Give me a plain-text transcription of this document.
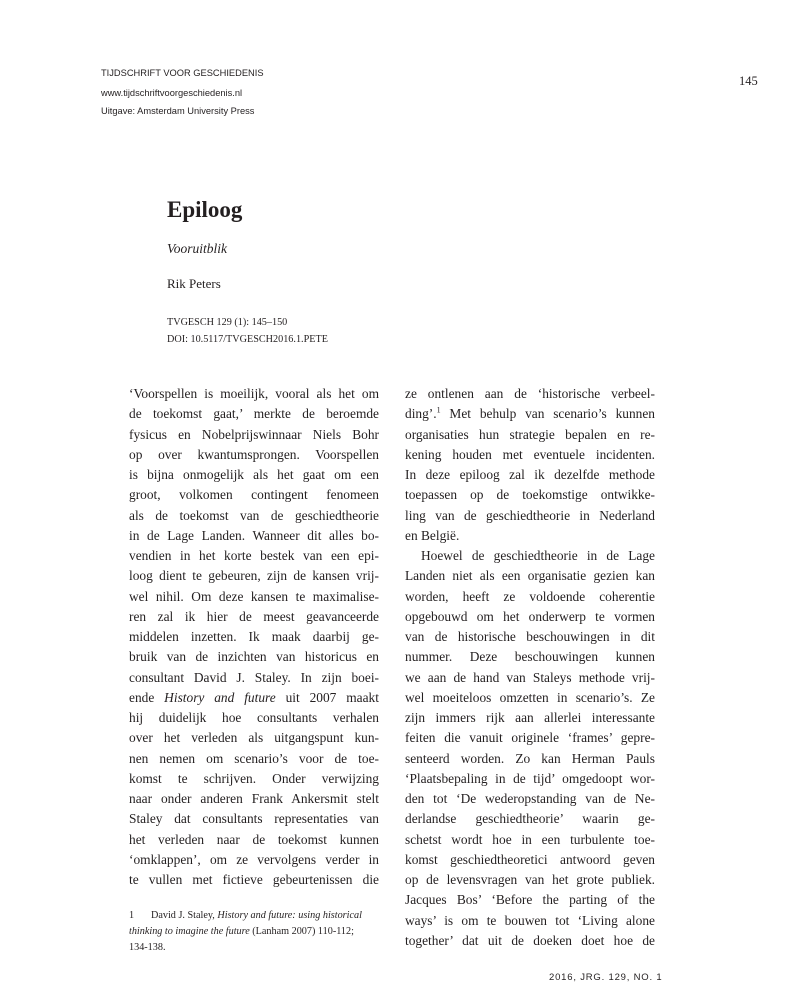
TIJDSCHRIFT VOOR GESCHIEDENIS
www.tijdschriftvoorgeschiedenis.nl
Uitgave: Amsterdam University Press
145
Epiloog
Vooruitblik
Rik Peters
TVGESCH 129 (1): 145–150
DOI: 10.5117/TVGESCH2016.1.PETE
‘Voorspellen is moeilijk, vooral als het om
de toekomst gaat,’ merkte de beroemde
fysicus en Nobelprijswinnaar Niels Bohr
op over kwantumsprongen. Voorspellen
is bijna onmogelijk als het gaat om een
groot, volkomen contingent fenomeen
als de toekomst van de geschiedtheorie
in de Lage Landen. Wanneer dit alles bo-
vendien in het korte bestek van een epi-
loog dient te gebeuren, zijn de kansen vrij-
wel nihil. Om deze kansen te maximalise-
ren zal ik hier de meest geavanceerde
middelen inzetten. Ik maak daarbij ge-
bruik van de inzichten van historicus en
consultant David J. Staley. In zijn boei-
ende History and future uit 2007 maakt
hij duidelijk hoe consultants verhalen
over het verleden als uitgangspunt kun-
nen nemen om scenario’s voor de toe-
komst te schrijven. Onder verwijzing
naar onder anderen Frank Ankersmit stelt
Staley dat consultants representaties van
het verleden naar de toekomst kunnen
‘omklappen’, om ze vervolgens verder in
te vullen met fictieve gebeurtenissen die
1 David J. Staley, History and future: using historical
thinking to imagine the future (Lanham 2007) 110-112;
134-138.
ze ontlenen aan de ‘historische verbeel-
ding’.$^1$ Met behulp van scenario’s kunnen
organisaties hun strategie bepalen en re-
kening houden met eventuele incidenten.
In deze epiloog zal ik dezelfde methode
toepassen op de toekomstige ontwikke-
ling van de geschiedtheorie in Nederland
en België.
Hoewel de geschiedtheorie in de Lage
Landen niet als een organisatie gezien kan
worden, heeft ze voldoende coherentie
opgebouwd om het onderwerp te vormen
van de historische beschouwingen in dit
nummer. Deze beschouwingen kunnen
we aan de hand van Staleys methode vrij-
wel moeiteloos omzetten in scenario’s. Ze
zijn immers rijk aan allerlei interessante
feiten die vanuit originele ‘frames’ gepre-
senteerd worden. Zo kan Herman Pauls
‘Plaatsbepaling in de tijd’ omgedoopt wor-
den tot ‘De wederopstanding van de Ne-
derlandse geschiedtheorie’ waarin ge-
schetst wordt hoe in een turbulente toe-
komst geschiedtheoretici antwoord geven
op de levensvragen van het grote publiek.
Jacques Bos’ ‘Before the parting of the
ways’ is om te bouwen tot ‘Living alone
together’ dat uit de doeken doet hoe de
2016, JRG. 129, NO. 1
